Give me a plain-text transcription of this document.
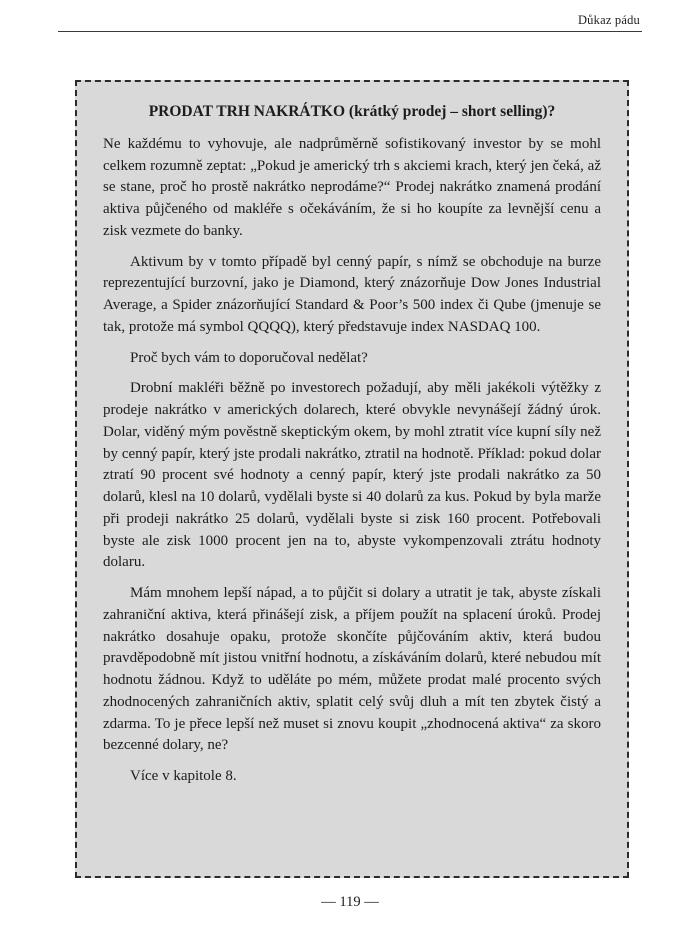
Důkaz pádu
PRODAT TRH NAKRÁTKO (krátký prodej – short selling)?

Ne každému to vyhovuje, ale nadprůměrně sofistikovaný investor by se mohl celkem rozumně zeptat: „Pokud je americký trh s akciemi krach, který jen čeká, až se stane, proč ho prostě nakrátko neprodáme?“ Prodej nakrátko znamená prodání aktiva půjčeného od makléře s očekáváním, že si ho koupíte za levnější cenu a zisk vezmete do banky.

Aktivum by v tomto případě byl cenný papír, s nímž se obchoduje na burze reprezentující burzovní, jako je Diamond, který znázorňuje Dow Jones Industrial Average, a Spider znázorňující Standard & Poor’s 500 index či Qube (jmenuje se tak, protože má symbol QQQQ), který představuje index NASDAQ 100.

Proč bych vám to doporučoval nedělat?

Drobní makléři běžně po investorech požadují, aby měli jakékoli výtěžky z prodeje nakrátko v amerických dolarech, které obvykle nevynášejí žádný úrok. Dolar, viděný mým pověstně skeptickým okem, by mohl ztratit více kupní síly než by cenný papír, který jste prodali nakrátko, ztratil na hodnotě. Příklad: pokud dolar ztratí 90 procent své hodnoty a cenný papír, který jste prodali nakrátko za 50 dolarů, klesl na 10 dolarů, vydělali byste si 40 dolarů za kus. Pokud by byla marže při prodeji nakrátko 25 dolarů, vydělali byste si zisk 160 procent. Potřebovali byste ale zisk 1000 procent jen na to, abyste vykompenzovali ztrátu hodnoty dolaru.

Mám mnohem lepší nápad, a to půjčit si dolary a utratit je tak, abyste získali zahraniční aktiva, která přinášejí zisk, a příjem použít na splacení úroků. Prodej nakrátko dosahuje opaku, protože skončíte půjčováním aktiv, která budou pravděpodobně mít jistou vnitřní hodnotu, a získáváním dolarů, které nebudou mít hodnotu žádnou. Když to uděláte po mém, můžete prodat malé procento svých zhodnocených zahraničních aktiv, splatit celý svůj dluh a mít ten zbytek čistý a zdarma. To je přece lepší než muset si znovu koupit „zhodnocená aktiva“ za skoro bezcenné dolary, ne?

Více v kapitole 8.

— 119 —
